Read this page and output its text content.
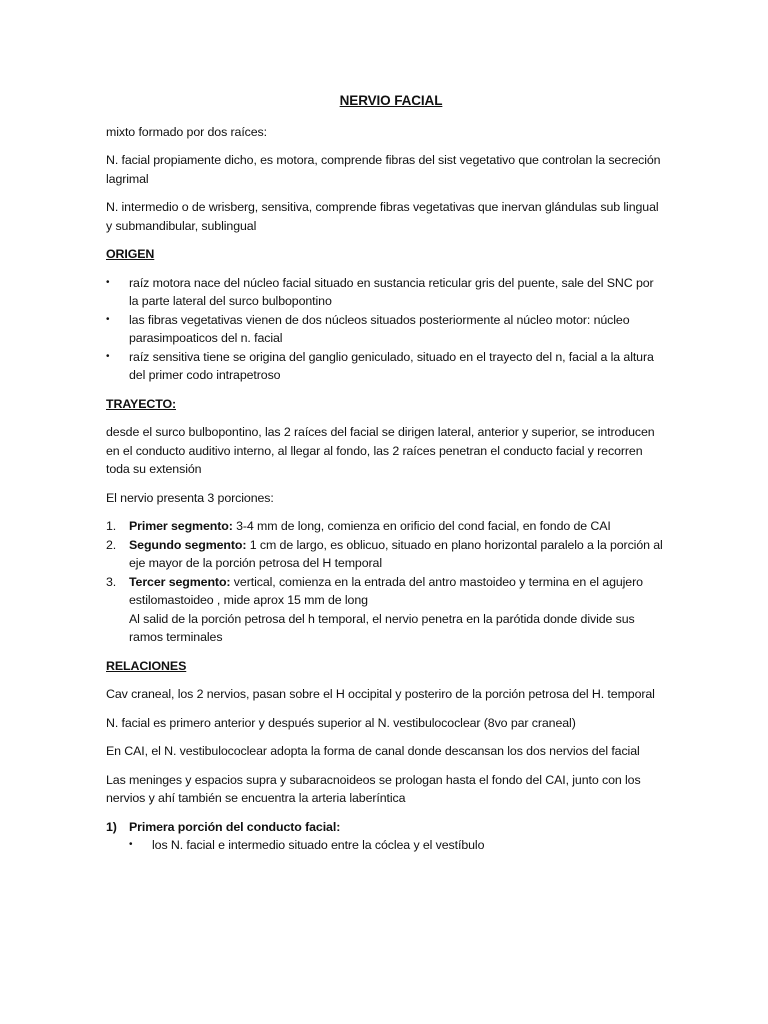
NERVIO FACIAL

mixto formado por dos raíces:

N. facial propiamente dicho, es motora, comprende fibras del sist vegetativo que controlan la secreción lagrimal

N. intermedio o de wrisberg, sensitiva, comprende fibras vegetativas que inervan glándulas sub lingual y submandibular, sublingual

ORIGEN
• raíz motora nace del núcleo facial situado en sustancia reticular gris del puente, sale del SNC por la parte lateral del surco bulbopontino
• las fibras vegetativas vienen de dos núcleos situados posteriormente al núcleo motor: núcleo parasimpoaticos del n. facial
• raíz sensitiva tiene se origina del ganglio geniculado, situado en el trayecto del n, facial a la altura del primer codo intrapetroso
TRAYECTO:

desde el surco bulbopontino, las 2 raíces del facial se dirigen lateral, anterior y superior, se introducen en el conducto auditivo interno, al llegar al fondo, las 2 raíces penetran el conducto facial y recorren toda su extensión

El nervio presenta 3 porciones:

1. Primer segmento: 3-4 mm de long, comienza en orificio del cond facial, en fondo de CAI
2. Segundo segmento: 1 cm de largo, es oblicuo, situado en plano horizontal paralelo a la porción al eje mayor de la porción petrosa del H temporal
3. Tercer segmento: vertical, comienza en la entrada del antro mastoideo y termina en el agujero estilomastoideo , mide aprox 15 mm de long
Al salid de la porción petrosa del h temporal, el nervio penetra en la parótida donde divide sus ramos terminales
RELACIONES

Cav craneal, los 2 nervios, pasan sobre el H occipital y posteriro de la porción petrosa del H. temporal

N. facial es primero anterior y después superior al N. vestibulococlear (8vo par craneal)

En CAI, el N. vestibulococlear adopta la forma de canal donde descansan los dos nervios del facial

Las meninges y espacios supra y subaracnoideos se prologan hasta el fondo del CAI, junto con los nervios y ahí también se encuentra la arteria laberíntica

1) Primera porción del conducto facial:
• los N. facial e intermedio situado entre la cóclea y el vestíbulo
